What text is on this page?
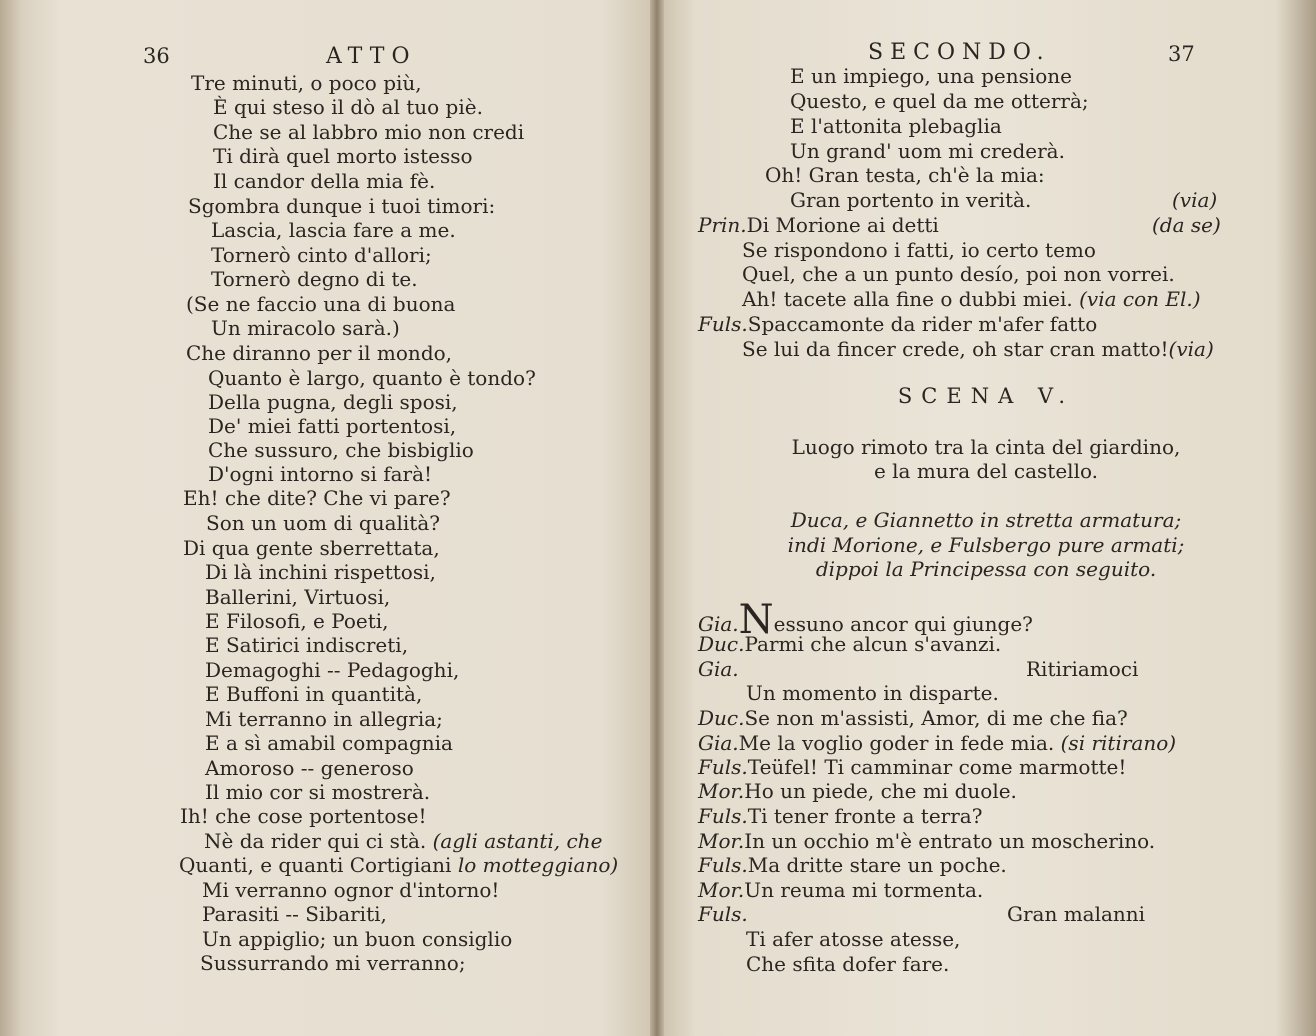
36	ATTO
Tre minuti, o poco più,
È qui steso il dò al tuo piè.
Che se al labbro mio non credi
Ti dirà quel morto istesso
Il candor della mia fè.
Sgombra dunque i tuoi timori:
Lascia, lascia fare a me.
Tornerò cinto d'allori;
Tornerò degno di te.
(Se ne faccio una di buona
Un miracolo sarà.)
Che diranno per il mondo,
Quanto è largo, quanto è tondo?
Della pugna, degli sposi,
De' miei fatti portentosi,
Che sussuro, che bisbiglio
D'ogni intorno si farà!
Eh! che dite? Che vi pare?
Son un uom di qualità?
Di qua gente sberrettata,
Di là inchini rispettosi,
Ballerini, Virtuosi,
E Filosofi, e Poeti,
E Satirici indiscreti,
Demagoghi -- Pedagoghi,
E Buffoni in quantità,
Mi terranno in allegria;
E a sì amabil compagnia
Amoroso -- generoso
Il mio cor si mostrerà.
Ih! che cose portentose!
Nè da rider qui ci stà. (agli astanti, che
Quanti, e quanti Cortigiani lo motteggiano)
Mi verranno ognor d'intorno!
Parasiti -- Sibariti,
Un appiglio; un buon consiglio
Sussurrando mi verranno;
SECONDO.	37
E un impiego, una pensione
Questo, e quel da me otterrà;
E l'attonita plebaglia
Un grand' uom mi crederà.
Oh! Gran testa, ch'è la mia:
Gran portento in verità.	(via)
Prin.Di Morione ai detti	(da se)
Se rispondono i fatti, io certo temo
Quel, che a un punto desío, poi non vorrei.
Ah! tacete alla fine o dubbi miei. (via con El.)
Fuls.Spaccamonte da rider m'afer fatto
Se lui da fincer crede, oh star cran matto!(via)
SCENA V.
Luogo rimoto tra la cinta del giardino,
e la mura del castello.
Duca, e Giannetto in stretta armatura;
indi Morione, e Fulsbergo pure armati;
dippoi la Principessa con seguito.
Gia.Nessuno ancor qui giunge?
Duc.Parmi che alcun s'avanzi.
Gia.	Ritiriamoci
Un momento in disparte.
Duc.Se non m'assisti, Amor, di me che fia?
Gia.Me la voglio goder in fede mia. (si ritirano)
Fuls.Teüfel! Ti camminar come marmotte!
Mor.Ho un piede, che mi duole.
Fuls.Ti tener fronte a terra?
Mor.In un occhio m'è entrato un moscherino.
Fuls.Ma dritte stare un poche.
Mor.Un reuma mi tormenta.
Fuls.	Gran malanni
Ti afer atosse atesse,
Che sfita dofer fare.
